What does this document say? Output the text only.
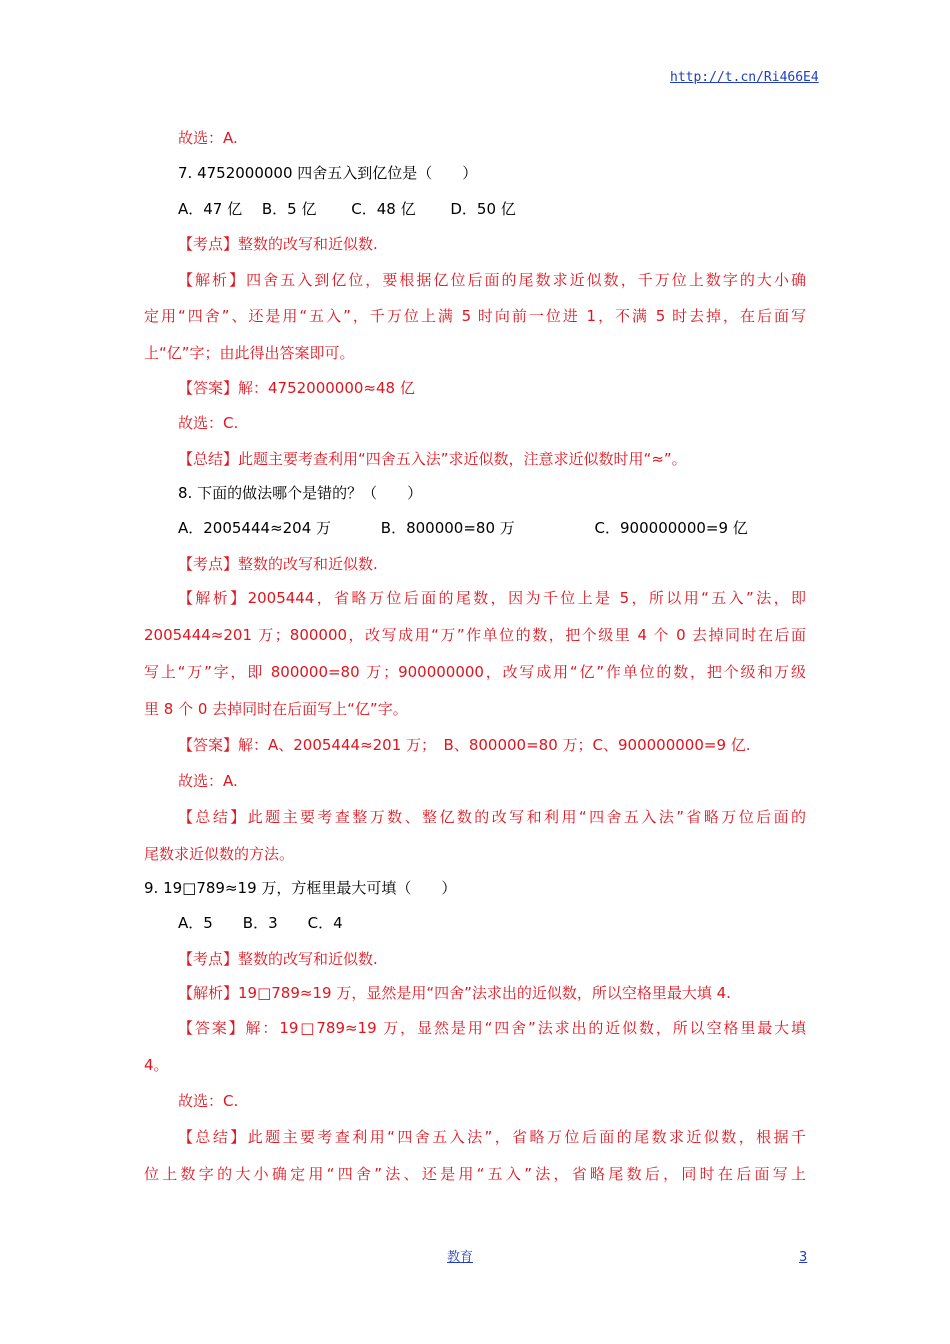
http://t.cn/Ri466E4
故选：A.
7. 4752000000 四舍五入到亿位是（　　）
A．47 亿　 B．5 亿　　 C．48 亿　　 D．50 亿
【考点】整数的改写和近似数.
【解析】四舍五入到亿位，要根据亿位后面的尾数求近似数，千万位上数字的大小确
定用“四舍”、还是用“五入”，千万位上满 5 时向前一位进 1，不满 5 时去掉，在后面写
上“亿”字；由此得出答案即可。
【答案】解：4752000000≈48 亿
故选：C.
【总结】此题主要考查利用“四舍五入法”求近似数，注意求近似数时用“≈”。
8. 下面的做法哪个是错的？（　　）
A．2005444≈204 万　　　 B．800000=80 万　　　　　 C．900000000=9 亿
【考点】整数的改写和近似数.
【解析】2005444，省略万位后面的尾数，因为千位上是 5，所以用“五入”法，即
2005444≈201 万；800000，改写成用“万”作单位的数，把个级里 4 个 0 去掉同时在后面
写上“万”字，即 800000=80 万；900000000，改写成用“亿”作单位的数，把个级和万级
里 8 个 0 去掉同时在后面写上“亿”字。
【答案】解：A、2005444≈201 万；　B、800000=80 万；C、900000000=9 亿.
故选：A.
【总结】此题主要考查整万数、整亿数的改写和利用“四舍五入法”省略万位后面的
尾数求近似数的方法。
9. 19□789≈19 万，方框里最大可填（　　）
A．5　　B．3　　C．4
【考点】整数的改写和近似数.
【解析】19□789≈19 万，显然是用“四舍”法求出的近似数，所以空格里最大填 4.
【答案】解：19□789≈19 万，显然是用“四舍”法求出的近似数，所以空格里最大填
4。
故选：C.
【总结】此题主要考查利用“四舍五入法”，省略万位后面的尾数求近似数，根据千
位上数字的大小确定用“四舍”法、还是用“五入”法，省略尾数后，同时在后面写上
教育	3
